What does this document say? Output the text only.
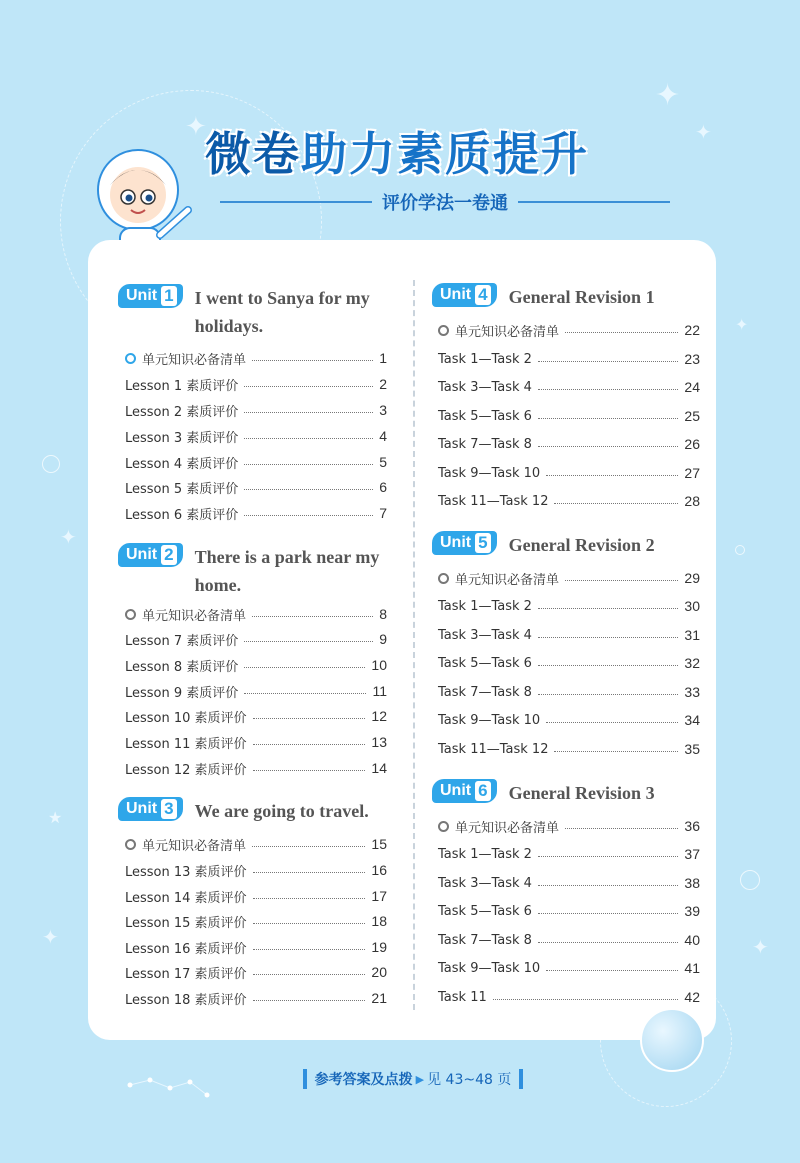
✦
✦
✦
✦
✦
✦	✦
★
微卷助力素质提升
评价学法一卷通
Unit 1 I went to Sanya for my holidays.
单元知识必备清单	1
Lesson 1 素质评价	2
Lesson 2 素质评价	3
Lesson 3 素质评价	4
Lesson 4 素质评价	5
Lesson 5 素质评价	6
Lesson 6 素质评价	7
Unit 2 There is a park near my home.
单元知识必备清单	8
Lesson 7 素质评价	9
Lesson 8 素质评价	10
Lesson 9 素质评价	11
Lesson 10 素质评价	12
Lesson 11 素质评价	13
Lesson 12 素质评价	14
Unit 3 We are going to travel.
单元知识必备清单	15
Lesson 13 素质评价	16
Lesson 14 素质评价	17
Lesson 15 素质评价	18
Lesson 16 素质评价	19
Lesson 17 素质评价	20
Lesson 18 素质评价	21
Unit 4 General Revision 1
单元知识必备清单	22
Task 1—Task 2	23
Task 3—Task 4	24
Task 5—Task 6	25
Task 7—Task 8	26
Task 9—Task 10	27
Task 11—Task 12	28
Unit 5 General Revision 2
单元知识必备清单	29
Task 1—Task 2	30
Task 3—Task 4	31
Task 5—Task 6	32
Task 7—Task 8	33
Task 9—Task 10	34
Task 11—Task 12	35
Unit 6 General Revision 3
单元知识必备清单	36
Task 1—Task 2	37
Task 3—Task 4	38
Task 5—Task 6	39
Task 7—Task 8	40
Task 9—Task 10	41
Task 11	42
参考答案及点拨 ▶ 见 43~48 页
